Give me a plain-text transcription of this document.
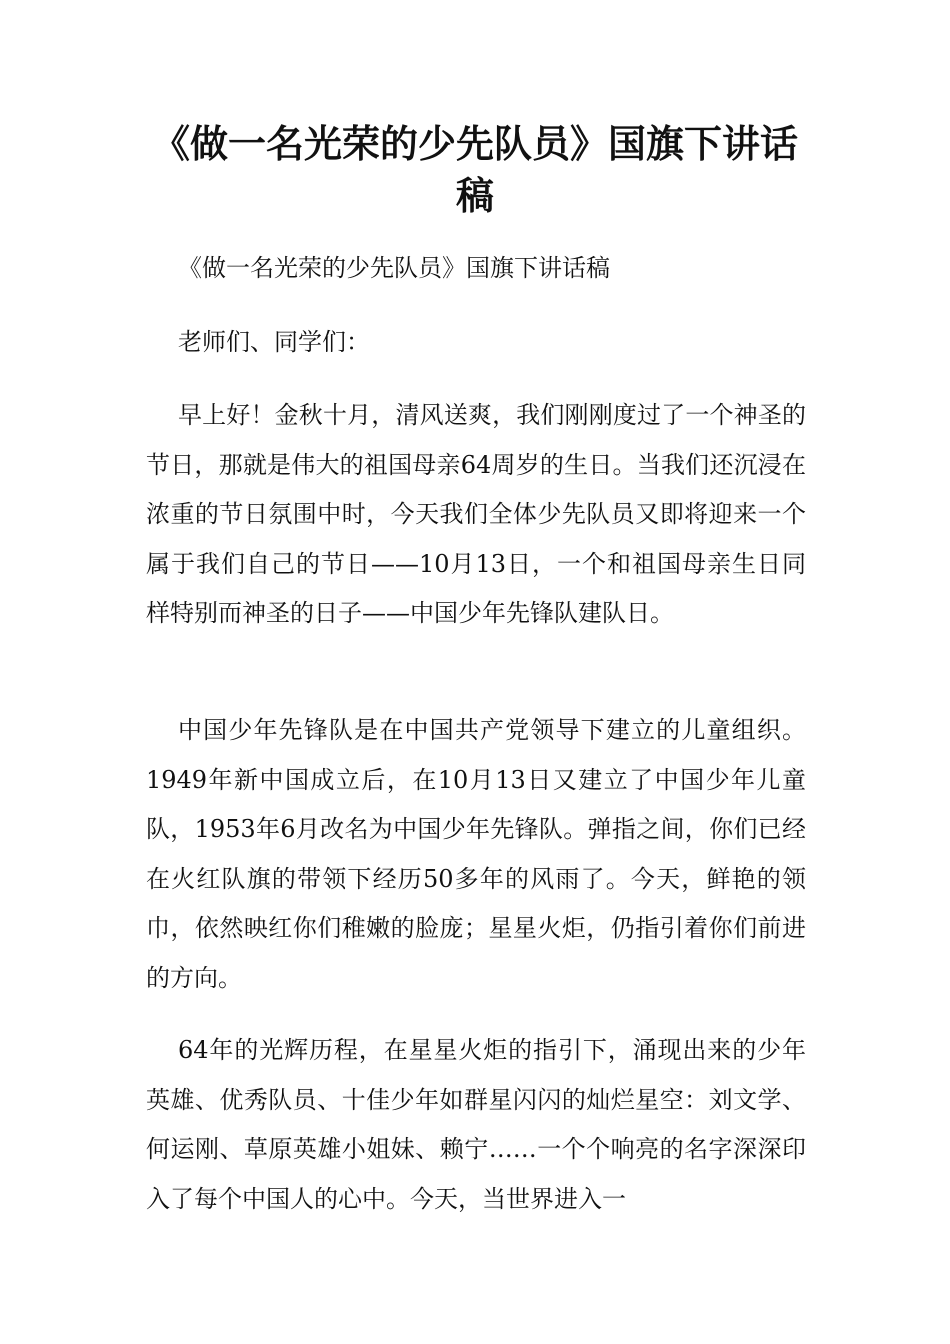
《做一名光荣的少先队员》国旗下讲话稿

《做一名光荣的少先队员》国旗下讲话稿

老师们、同学们：

早上好！金秋十月，清风送爽，我们刚刚度过了一个神圣的节日，那就是伟大的祖国母亲64周岁的生日。当我们还沉浸在浓重的节日氛围中时，今天我们全体少先队员又即将迎来一个属于我们自己的节日——10月13日，一个和祖国母亲生日同样特别而神圣的日子——中国少年先锋队建队日。

中国少年先锋队是在中国共产党领导下建立的儿童组织。1949年新中国成立后，在10月13日又建立了中国少年儿童队，1953年6月改名为中国少年先锋队。弹指之间，你们已经在火红队旗的带领下经历50多年的风雨了。今天，鲜艳的领巾，依然映红你们稚嫩的脸庞；星星火炬，仍指引着你们前进的方向。

64年的光辉历程，在星星火炬的指引下，涌现出来的少年英雄、优秀队员、十佳少年如群星闪闪的灿烂星空：刘文学、何运刚、草原英雄小姐妹、赖宁……一个个响亮的名字深深印入了每个中国人的心中。今天，当世界进入一
